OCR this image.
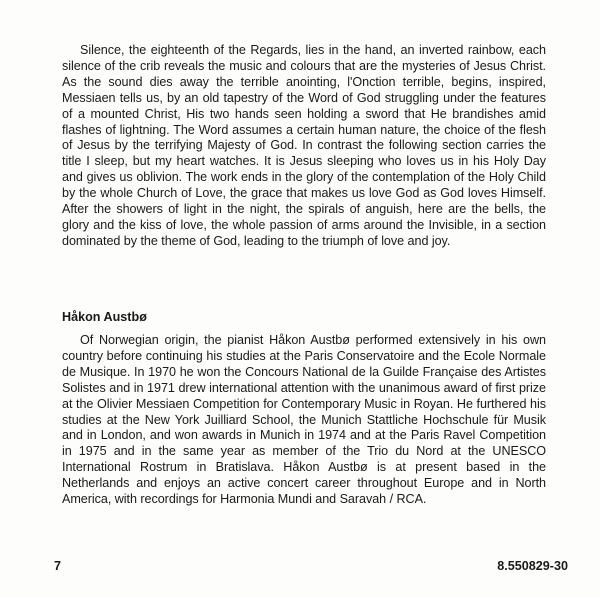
Silence, the eighteenth of the Regards, lies in the hand, an inverted rainbow, each silence of the crib reveals the music and colours that are the mysteries of Jesus Christ. As the sound dies away the terrible anointing, l'Onction terrible, begins, inspired, Messiaen tells us, by an old tapestry of the Word of God struggling under the features of a mounted Christ, His two hands seen holding a sword that He brandishes amid flashes of lightning. The Word assumes a certain human nature, the choice of the flesh of Jesus by the terrifying Majesty of God. In contrast the following section carries the title I sleep, but my heart watches. It is Jesus sleeping who loves us in his Holy Day and gives us oblivion. The work ends in the glory of the contemplation of the Holy Child by the whole Church of Love, the grace that makes us love God as God loves Himself. After the showers of light in the night, the spirals of anguish, here are the bells, the glory and the kiss of love, the whole passion of arms around the Invisible, in a section dominated by the theme of God, leading to the triumph of love and joy.

Håkon Austbø

Of Norwegian origin, the pianist Håkon Austbø performed extensively in his own country before continuing his studies at the Paris Conservatoire and the Ecole Normale de Musique. In 1970 he won the Concours National de la Guilde Française des Artistes Solistes and in 1971 drew international attention with the unanimous award of first prize at the Olivier Messiaen Competition for Contemporary Music in Royan. He furthered his studies at the New York Juilliard School, the Munich Stattliche Hochschule für Musik and in London, and won awards in Munich in 1974 and at the Paris Ravel Competition in 1975 and in the same year as member of the Trio du Nord at the UNESCO International Rostrum in Bratislava. Håkon Austbø is at present based in the Netherlands and enjoys an active concert career throughout Europe and in North America, with recordings for Harmonia Mundi and Saravah / RCA.

7	8.550829-30
